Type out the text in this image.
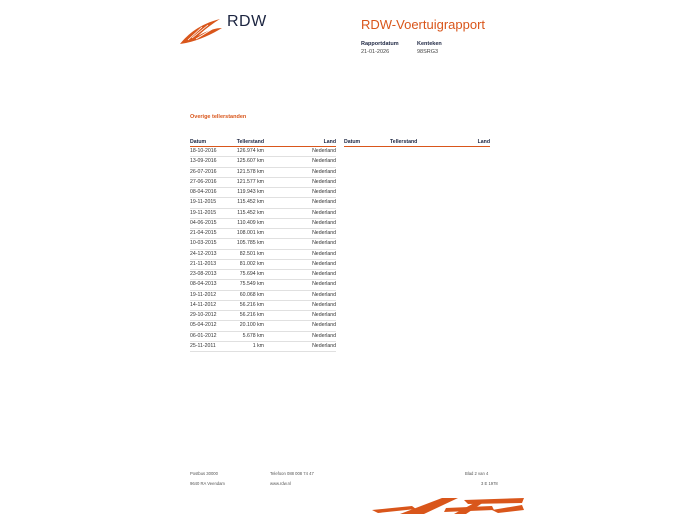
RDW	RDW-Voertuigrapport
Rapportdatum
21-01-2026
Kenteken
98SRG3
Overige tellerstanden
Datum	Tellerstand	Land
18-10-2016	126.974 km	Nederland
13-09-2016	125.607 km	Nederland
26-07-2016	121.578 km	Nederland
27-06-2016	121.577 km	Nederland
08-04-2016	119.943 km	Nederland
19-11-2015	115.452 km	Nederland
19-11-2015	115.452 km	Nederland
04-06-2015	110.409 km	Nederland
21-04-2015	108.001 km	Nederland
10-03-2015	105.785 km	Nederland
24-12-2013	82.501 km	Nederland
21-11-2013	81.002 km	Nederland
23-08-2013	75.694 km	Nederland
08-04-2013	75.549 km	Nederland
19-11-2012	60.068 km	Nederland
14-11-2012	56.216 km	Nederland
29-10-2012	56.216 km	Nederland
05-04-2012	20.100 km	Nederland
06-01-2012	5.678 km	Nederland
25-11-2011	1 km	Nederland
Datum	Tellerstand	Land
Postbus 30000
9640 RA Veendam
Telefoon 088 008 74 47
www.rdw.nl
Blad 2 van 4
3 E 1978
